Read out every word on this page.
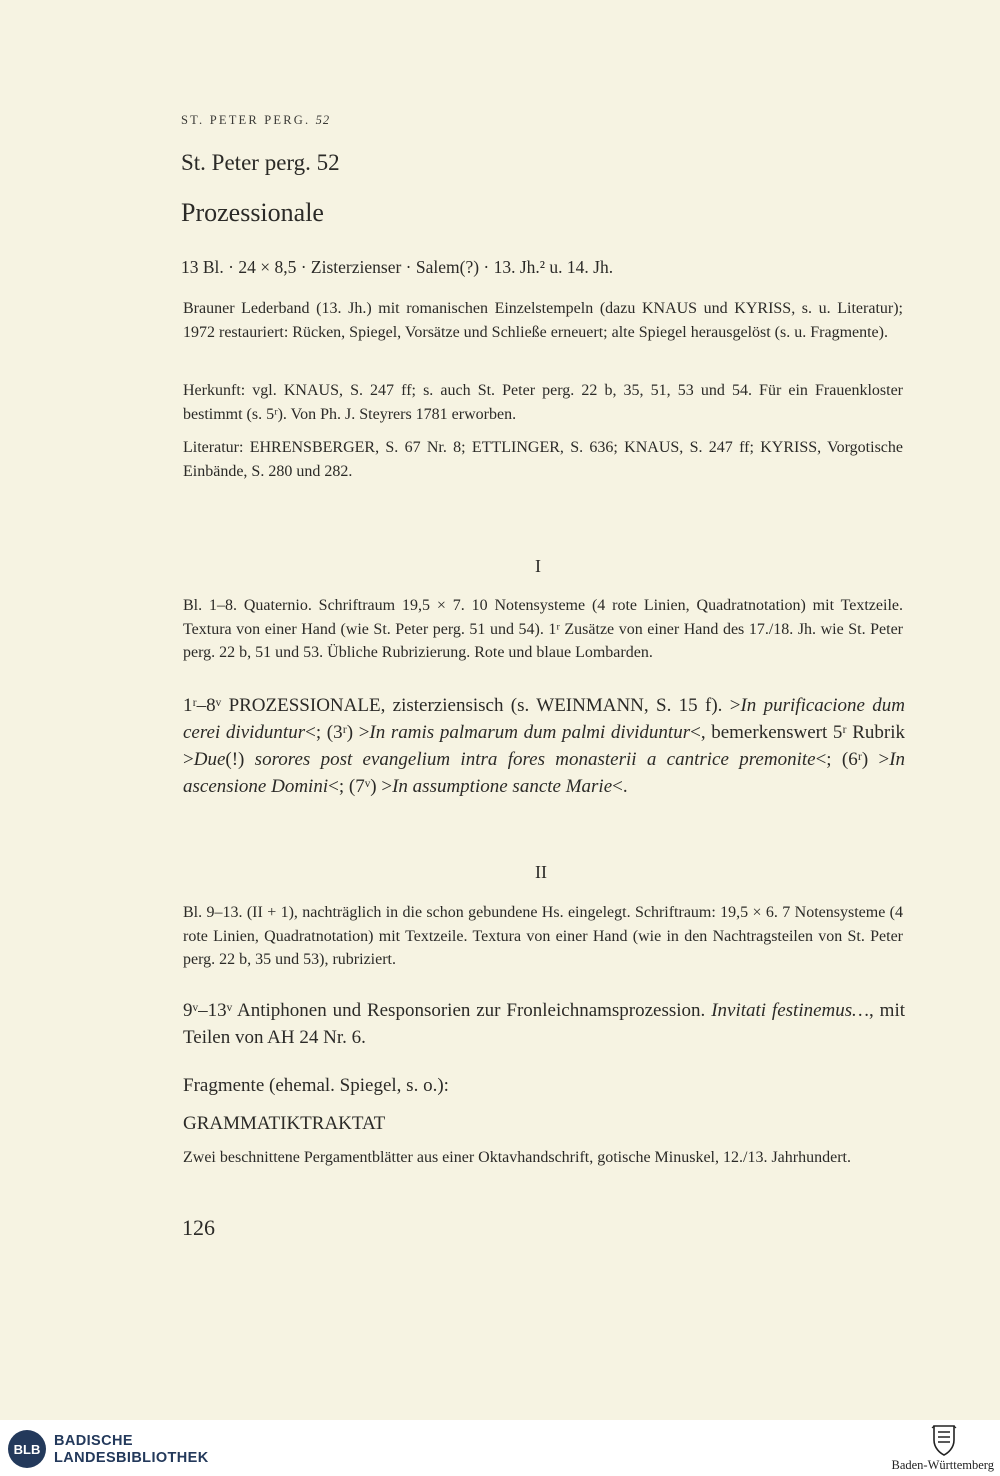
ST. PETER PERG. 52
St. Peter perg. 52
Prozessionale
13 Bl. · 24 × 8,5 · Zisterzienser · Salem(?) · 13. Jh.² u. 14. Jh.
Brauner Lederband (13. Jh.) mit romanischen Einzelstempeln (dazu KNAUS und KYRISS, s. u. Literatur); 1972 restauriert: Rücken, Spiegel, Vorsätze und Schließe erneuert; alte Spiegel herausgelöst (s. u. Fragmente).
Herkunft: vgl. KNAUS, S. 247 ff; s. auch St. Peter perg. 22 b, 35, 51, 53 und 54. Für ein Frauenkloster bestimmt (s. 5ʳ). Von Ph. J. Steyrers 1781 erworben.
Literatur: EHRENSBERGER, S. 67 Nr. 8; ETTLINGER, S. 636; KNAUS, S. 247 ff; KYRISS, Vorgotische Einbände, S. 280 und 282.
I
Bl. 1–8. Quaternio. Schriftraum 19,5 × 7. 10 Notensysteme (4 rote Linien, Quadratnotation) mit Textzeile. Textura von einer Hand (wie St. Peter perg. 51 und 54). 1ʳ Zusätze von einer Hand des 17./18. Jh. wie St. Peter perg. 22 b, 51 und 53. Übliche Rubrizierung. Rote und blaue Lombarden.
1ʳ–8ᵛ PROZESSIONALE, zisterziensisch (s. WEINMANN, S. 15 f). >In purificacione dum cerei dividuntur<; (3ʳ) >In ramis palmarum dum palmi dividuntur<, bemerkenswert 5ʳ Rubrik >Due(!) sorores post evangelium intra fores monasterii a cantrice premonite<; (6ʳ) >In ascensione Domini<; (7ᵛ) >In assumptione sancte Marie<.
II
Bl. 9–13. (II + 1), nachträglich in die schon gebundene Hs. eingelegt. Schriftraum: 19,5 × 6. 7 Notensysteme (4 rote Linien, Quadratnotation) mit Textzeile. Textura von einer Hand (wie in den Nachtragsteilen von St. Peter perg. 22 b, 35 und 53), rubriziert.
9ᵛ–13ᵛ Antiphonen und Responsorien zur Fronleichnamsprozession. Invitati festinemus…, mit Teilen von AH 24 Nr. 6.
Fragmente (ehemal. Spiegel, s. o.):
GRAMMATIKTRAKTAT
Zwei beschnittene Pergamentblätter aus einer Oktavhandschrift, gotische Minuskel, 12./13. Jahrhundert.
126
BLB BADISCHE
LANDESBIBLIOTHEK	Baden-Württemberg
